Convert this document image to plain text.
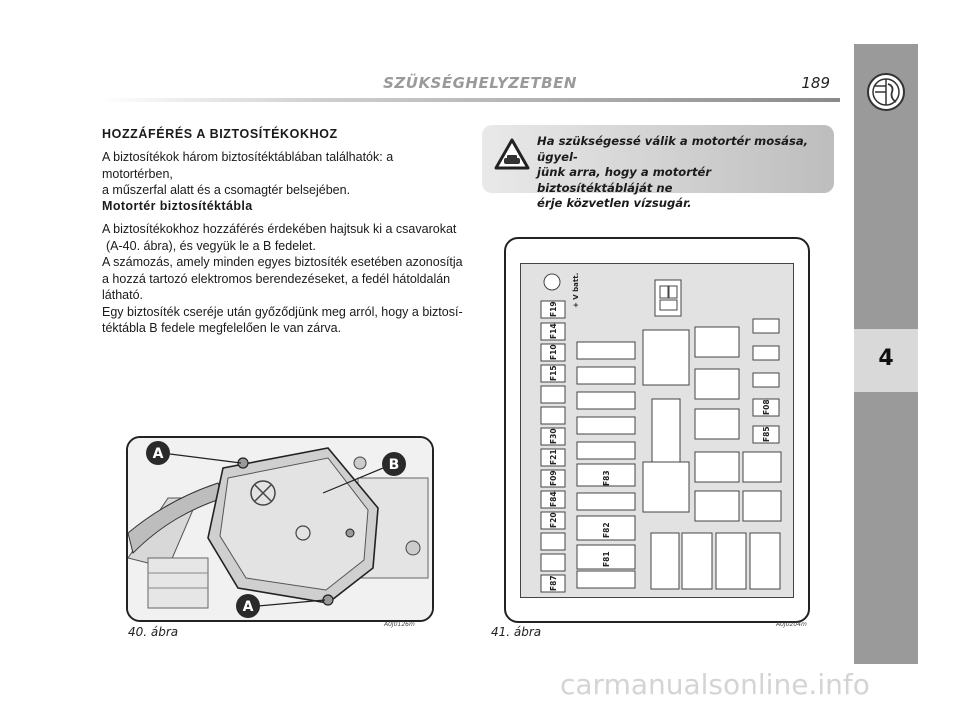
4
SZÜKSÉGHELYZETBEN	189
HOZZÁFÉRÉS A BIZTOSÍTÉKOKHOZ
A biztosítékok három biztosítéktáblában találhatók: a motortérben,
a műszerfal alatt és a csomagtér belsejében.
Motortér biztosítéktábla
A biztosítékokhoz hozzáférés érdekében hajtsuk ki a csavarokat
(A-40. ábra), és vegyük le a B fedelet.
A számozás, amely minden egyes biztosíték esetében azonosítja
a hozzá tartozó elektromos berendezéseket, a fedél hátoldalán
látható.
Egy biztosíték cseréje után győződjünk meg arról, hogy a biztosí-
téktábla B fedele megfelelően le van zárva.
Ha szükségessé válik a motortér mosása, ügyel-
jünk arra, hogy a motortér biztosítéktábláját ne
érje közvetlen vízsugár.
A
B
A
40. ábra
A0J0126m
+ V batt.
F19
F14
F10
F15
F30
F21
F09
F84
F20
F87
F83
F82
F81
F08
F85
41. ábra
A0J0204m
carmanualsonline.info
